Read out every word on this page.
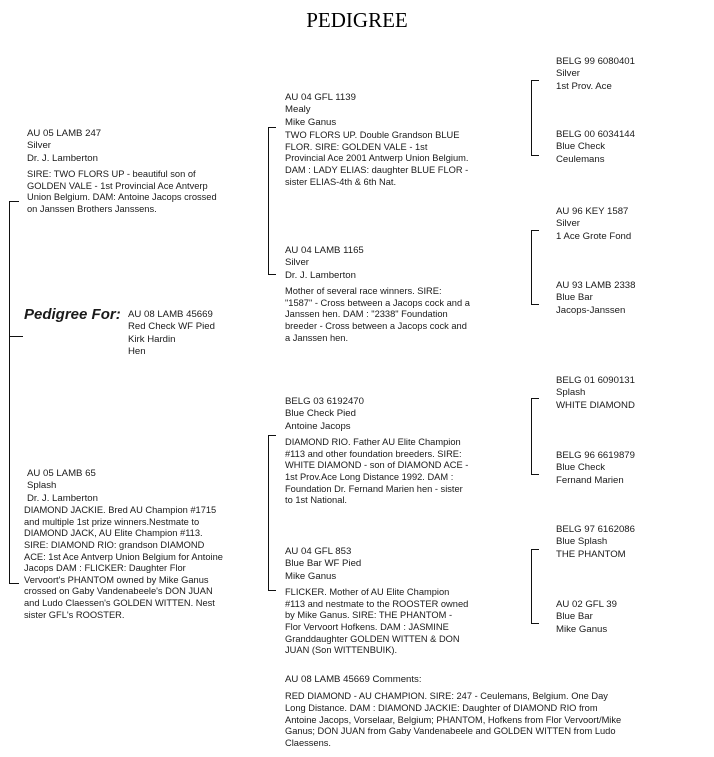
PEDIGREE
Pedigree For: AU 08 LAMB 45669
Red Check WF Pied
Kirk Hardin
Hen
AU 05 LAMB 247
Silver
Dr. J. Lamberton
SIRE: TWO FLORS UP - beautiful son of
GOLDEN VALE - 1st Provincial Ace Antverp
Union Belgium. DAM: Antoine Jacops crossed
on Janssen Brothers Janssens.
AU 05 LAMB 65
Splash
Dr. J. Lamberton
DIAMOND JACKIE. Bred AU Champion #1715
and multiple 1st prize winners.Nestmate to
DIAMOND JACK, AU Elite Champion #113.
SIRE: DIAMOND RIO: grandson DIAMOND
ACE: 1st Ace Antverp Union Belgium for Antoine
Jacops DAM : FLICKER: Daughter Flor
Vervoort's PHANTOM owned by Mike Ganus
crossed on Gaby Vandenabeele's DON JUAN
and Ludo Claessen's GOLDEN WITTEN. Nest
sister GFL's ROOSTER.
AU 04 GFL 1139
Mealy
Mike Ganus
TWO FLORS UP. Double Grandson BLUE
FLOR. SIRE: GOLDEN VALE - 1st
Provincial Ace 2001 Antwerp Union Belgium.
DAM : LADY ELIAS: daughter BLUE FLOR -
sister ELIAS-4th & 6th Nat.
AU 04 LAMB 1165
Silver
Dr. J. Lamberton
Mother of several race winners. SIRE:
"1587" - Cross between a Jacops cock and a
Janssen hen. DAM : "2338" Foundation
breeder - Cross between a Jacops cock and
a Janssen hen.
BELG 03 6192470
Blue Check Pied
Antoine Jacops
DIAMOND RIO. Father AU Elite Champion
#113 and other foundation breeders. SIRE:
WHITE DIAMOND - son of DIAMOND ACE -
1st Prov.Ace Long Distance 1992. DAM :
Foundation Dr. Fernand Marien hen - sister
to 1st National.
AU 04 GFL 853
Blue Bar WF Pied
Mike Ganus
FLICKER. Mother of AU Elite Champion
#113 and nestmate to the ROOSTER owned
by Mike Ganus. SIRE: THE PHANTOM -
Flor Vervoort Hofkens. DAM : JASMINE
Granddaughter GOLDEN WITTEN & DON
JUAN (Son WITTENBUIK).
BELG 99 6080401
Silver
1st Prov. Ace
BELG 00 6034144
Blue Check
Ceulemans
AU 96 KEY 1587
Silver
1 Ace Grote Fond
AU 93 LAMB 2338
Blue Bar
Jacops-Janssen
BELG 01 6090131
Splash
WHITE DIAMOND
BELG 96 6619879
Blue Check
Fernand Marien
BELG 97 6162086
Blue Splash
THE PHANTOM
AU 02 GFL 39
Blue Bar
Mike Ganus
AU 08 LAMB 45669 Comments:
RED DIAMOND - AU CHAMPION. SIRE: 247 - Ceulemans, Belgium. One Day
Long Distance. DAM : DIAMOND JACKIE: Daughter of DIAMOND RIO from
Antoine Jacops, Vorselaar, Belgium; PHANTOM, Hofkens from Flor Vervoort/Mike
Ganus; DON JUAN from Gaby Vandenabeele and GOLDEN WITTEN from Ludo
Claessens.
